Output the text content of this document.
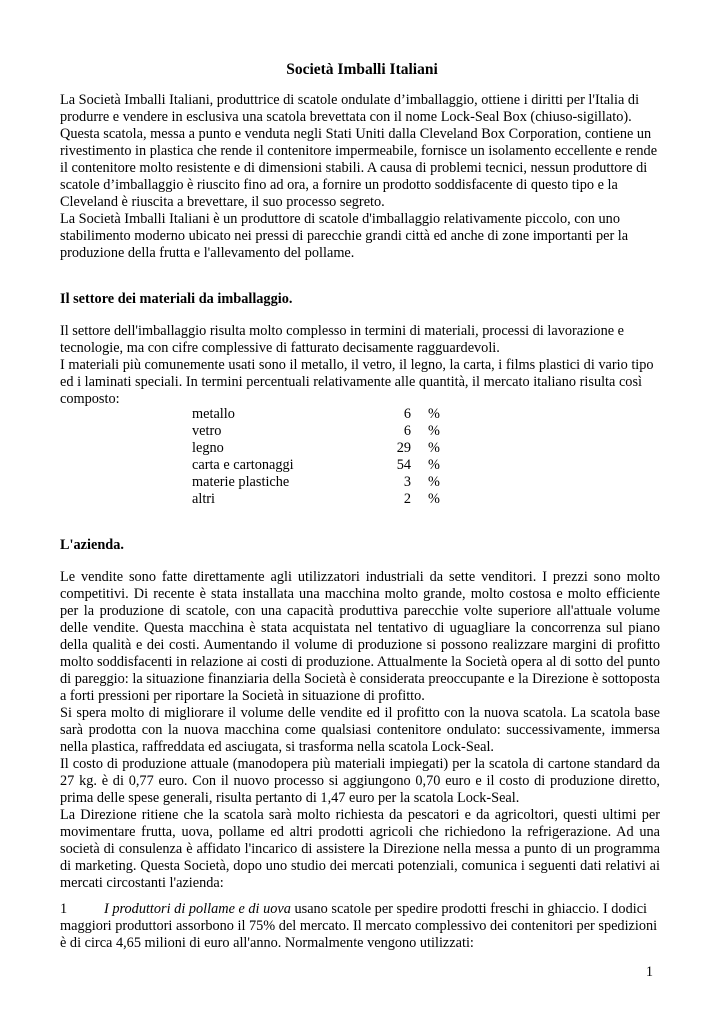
Società Imballi Italiani

La Società Imballi Italiani, produttrice di scatole ondulate d’imballaggio, ottiene i diritti per l'Italia di produrre e vendere in esclusiva una scatola brevettata con il nome Lock-Seal Box (chiuso-sigillato). Questa scatola, messa a punto e venduta negli Stati Uniti dalla Cleveland Box Corporation, contiene un rivestimento in plastica che rende il contenitore impermeabile, fornisce un isolamento eccellente e rende il contenitore molto resistente e di dimensioni stabili. A causa di problemi tecnici, nessun produttore di scatole d’imballaggio è riuscito fino ad ora, a fornire un prodotto soddisfacente di questo tipo e la Cleveland è riuscita a brevettare, il suo processo segreto.

La Società Imballi Italiani è un produttore di scatole d'imballaggio relativamente piccolo, con uno stabilimento moderno ubicato nei pressi di parecchie grandi città ed anche di zone importanti per la produzione della frutta e l'allevamento del pollame.

Il settore dei materiali da imballaggio.

Il settore dell'imballaggio risulta molto complesso in termini di materiali, processi di lavorazione e tecnologie, ma con cifre complessive di fatturato decisamente ragguardevoli.

I materiali più comunemente usati sono il metallo, il vetro, il legno, la carta, i films plastici di vario tipo ed i laminati speciali. In termini percentuali relativamente alle quantità, il mercato italiano risulta così composto:

metallo	6 %
vetro	6 %
legno	29 %
carta e cartonaggi	54 %
materie plastiche	3 %
altri	2 %
L'azienda.

Le vendite sono fatte direttamente agli utilizzatori industriali da sette venditori. I prezzi sono molto competitivi. Di recente è stata installata una macchina molto grande, molto costosa e molto efficiente per la produzione di scatole, con una capacità produttiva parecchie volte superiore all'attuale volume delle vendite. Questa macchina è stata acquistata nel tentativo di uguagliare la concorrenza sul piano della qualità e dei costi. Aumentando il volume di produzione si possono realizzare margini di profitto molto soddisfacenti in relazione ai costi di produzione. Attualmente la Società opera al di sotto del punto di pareggio: la situazione finanziaria della Società è considerata preoccupante e la Direzione è sottoposta a forti pressioni per riportare la Società in situazione di profitto.

Si spera molto di migliorare il volume delle vendite ed il profitto con la nuova scatola. La scatola base sarà prodotta con la nuova macchina come qualsiasi contenitore ondulato: successivamente, immersa nella plastica, raffreddata ed asciugata, si trasforma nella scatola Lock-Seal.

Il costo di produzione attuale (manodopera più materiali impiegati) per la scatola di cartone standard da 27 kg. è di 0,77 euro. Con il nuovo processo si aggiungono 0,70 euro e il costo di produzione diretto, prima delle spese generali, risulta pertanto di 1,47 euro per la scatola Lock-Seal.

La Direzione ritiene che la scatola sarà molto richiesta da pescatori e da agricoltori, questi ultimi per movimentare frutta, uova, pollame ed altri prodotti agricoli che richiedono la refrigerazione. Ad una società di consulenza è affidato l'incarico di assistere la Direzione nella messa a punto di un programma di marketing. Questa Società, dopo uno studio dei mercati potenziali, comunica i seguenti dati relativi ai mercati circostanti l'azienda:

1	I produttori di pollame e di uova usano scatole per spedire prodotti freschi in ghiaccio. I dodici maggiori produttori assorbono il 75% del mercato. Il mercato complessivo dei contenitori per spedizioni è di circa 4,65 milioni di euro all'anno. Normalmente vengono utilizzati:

1
